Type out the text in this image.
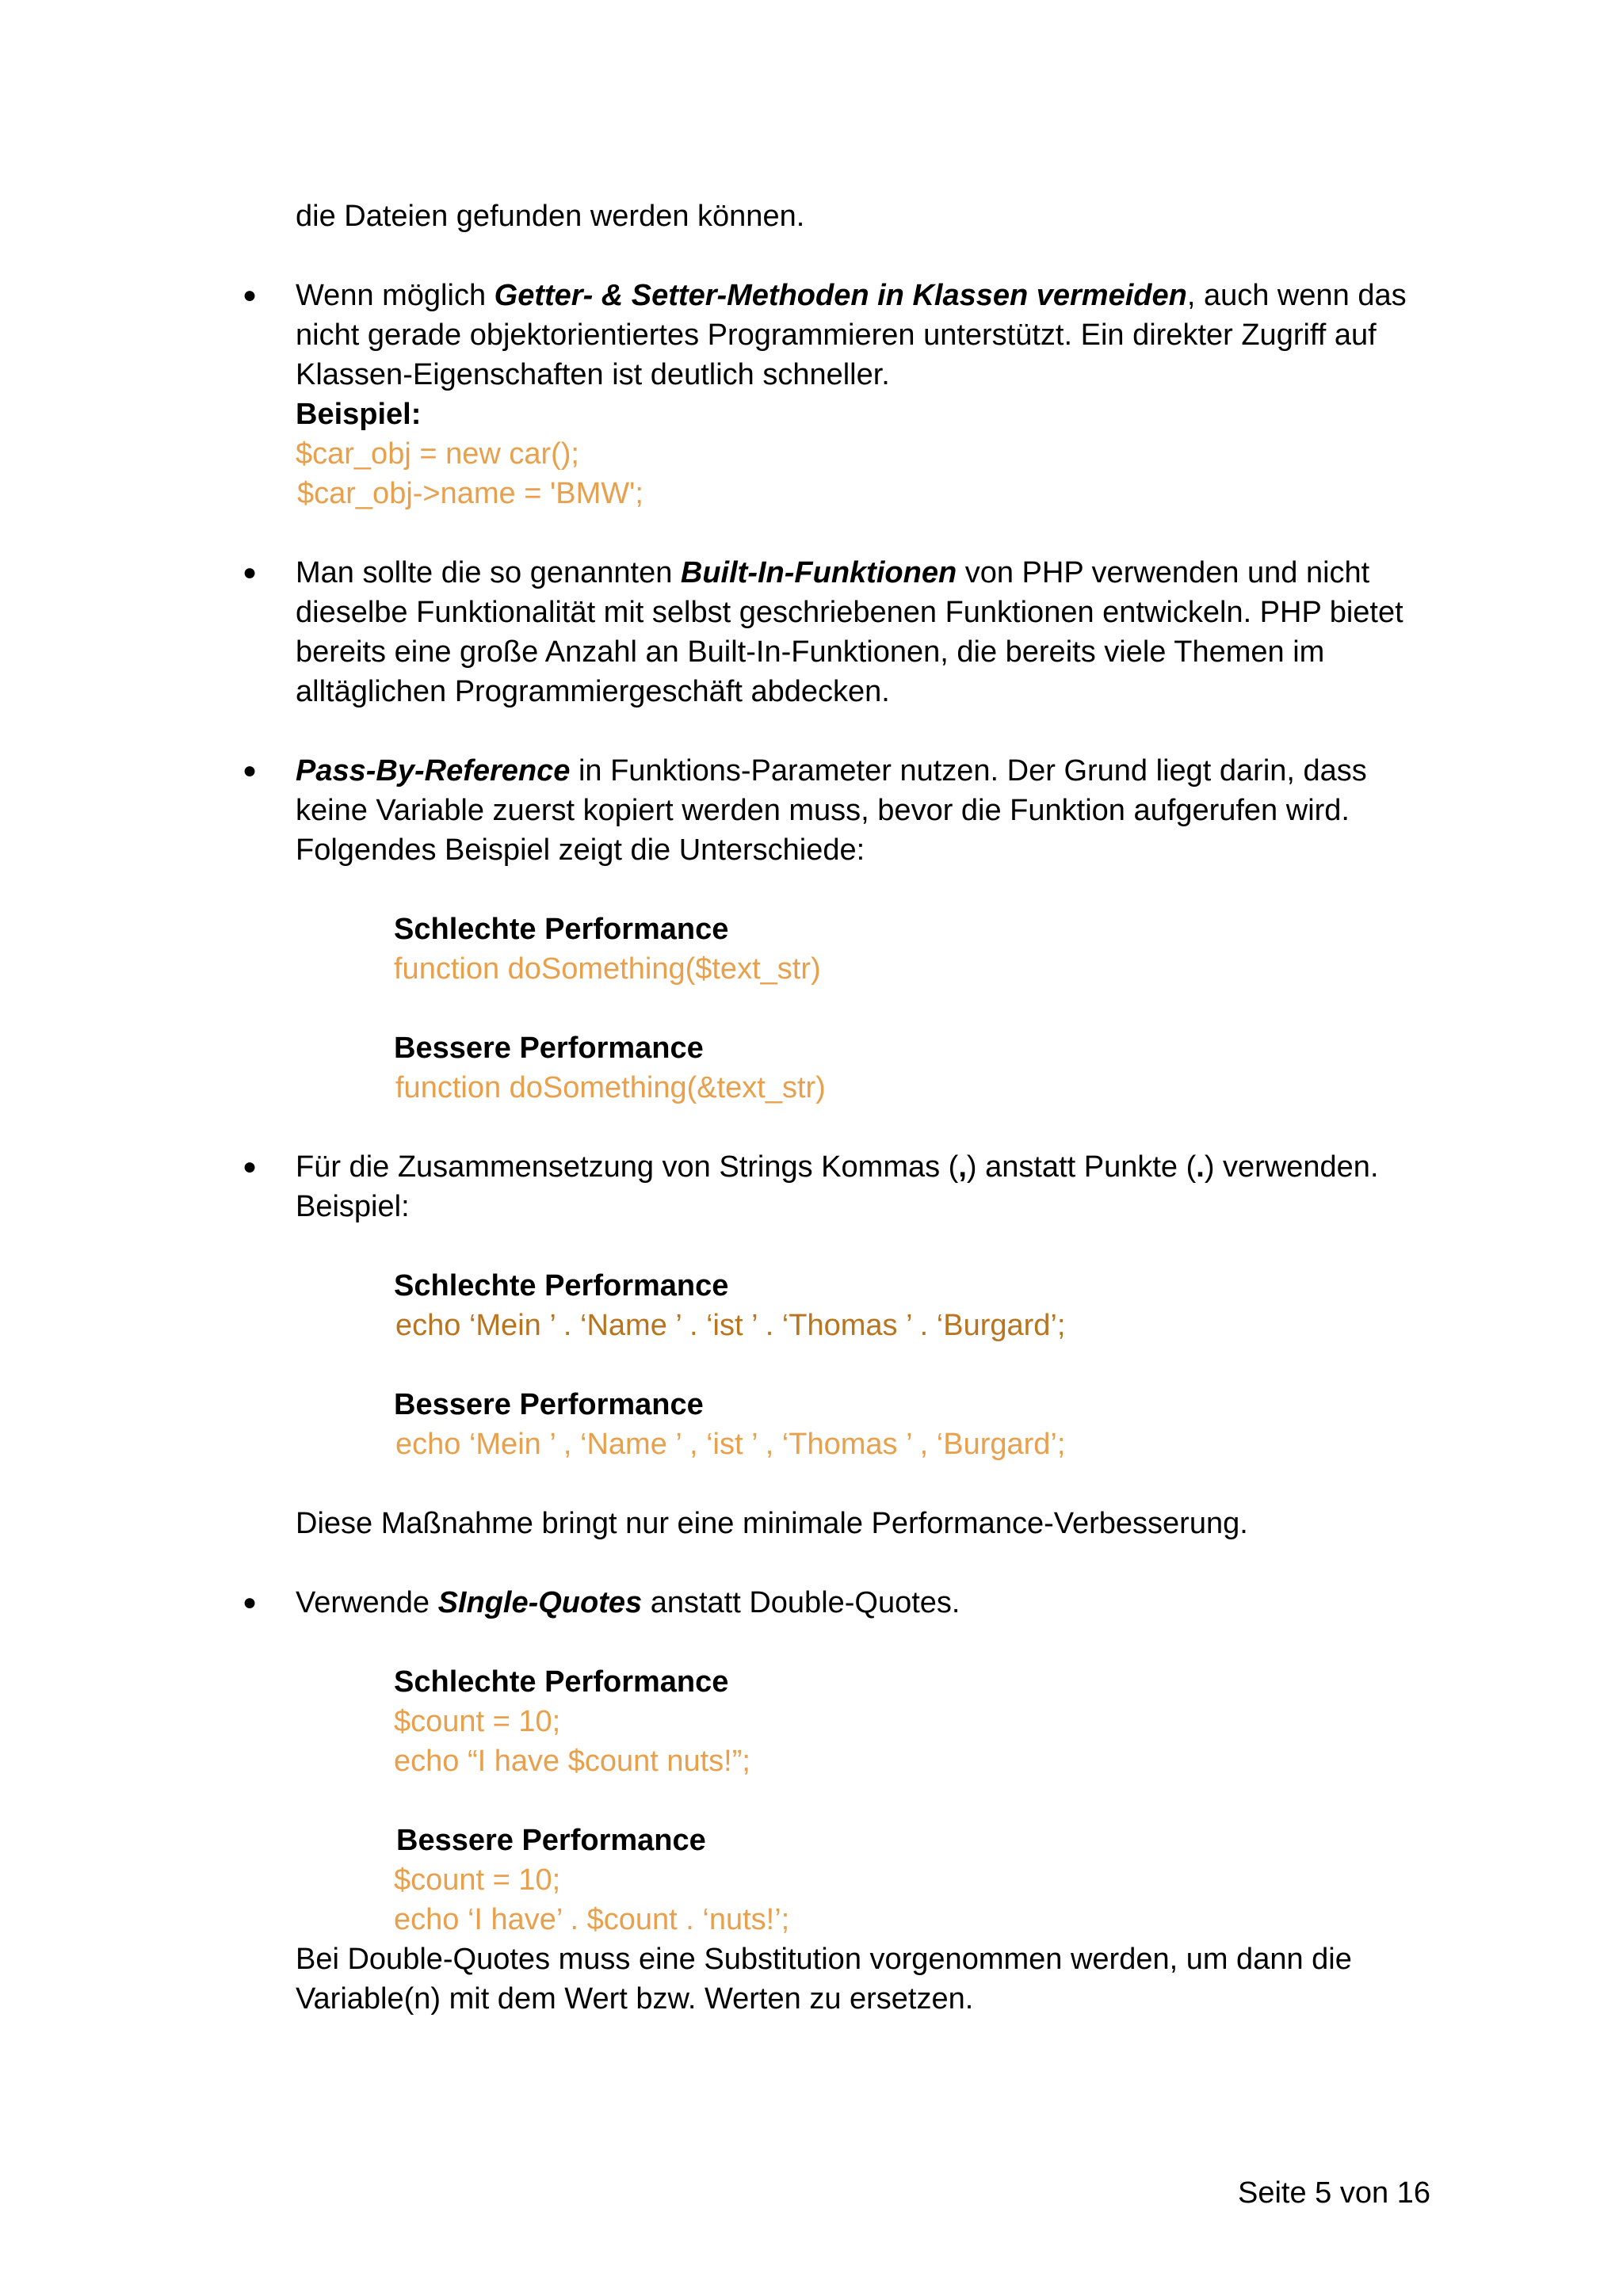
die Dateien gefunden werden können.
● Wenn möglich Getter- & Setter-Methoden in Klassen vermeiden, auch wenn das
nicht gerade objektorientiertes Programmieren unterstützt. Ein direkter Zugriff auf
Klassen-Eigenschaften ist deutlich schneller.
Beispiel:
$car_obj = new car();
$car_obj->name = 'BMW';
● Man sollte die so genannten Built-In-Funktionen von PHP verwenden und nicht
dieselbe Funktionalität mit selbst geschriebenen Funktionen entwickeln. PHP bietet
bereits eine große Anzahl an Built-In-Funktionen, die bereits viele Themen im
alltäglichen Programmiergeschäft abdecken.
● Pass-By-Reference in Funktions-Parameter nutzen. Der Grund liegt darin, dass
keine Variable zuerst kopiert werden muss, bevor die Funktion aufgerufen wird.
Folgendes Beispiel zeigt die Unterschiede:
Schlechte Performance
function doSomething($text_str)
Bessere Performance
function doSomething(&text_str)
● Für die Zusammensetzung von Strings Kommas (,) anstatt Punkte (.) verwenden.
Beispiel:
Schlechte Performance
echo ‘Mein ’ . ‘Name ’ . ‘ist ’ . ‘Thomas ’ . ‘Burgard’;
Bessere Performance
echo ‘Mein ’ , ‘Name ’ , ‘ist ’ , ‘Thomas ’ , ‘Burgard’;
Diese Maßnahme bringt nur eine minimale Performance-Verbesserung.
● Verwende SIngle-Quotes anstatt Double-Quotes.
Schlechte Performance
$count = 10;
echo “I have $count nuts!”;
Bessere Performance
$count = 10;
echo ‘I have’ . $count . ‘nuts!’;
Bei Double-Quotes muss eine Substitution vorgenommen werden, um dann die
Variable(n) mit dem Wert bzw. Werten zu ersetzen.
Seite 5 von 16
